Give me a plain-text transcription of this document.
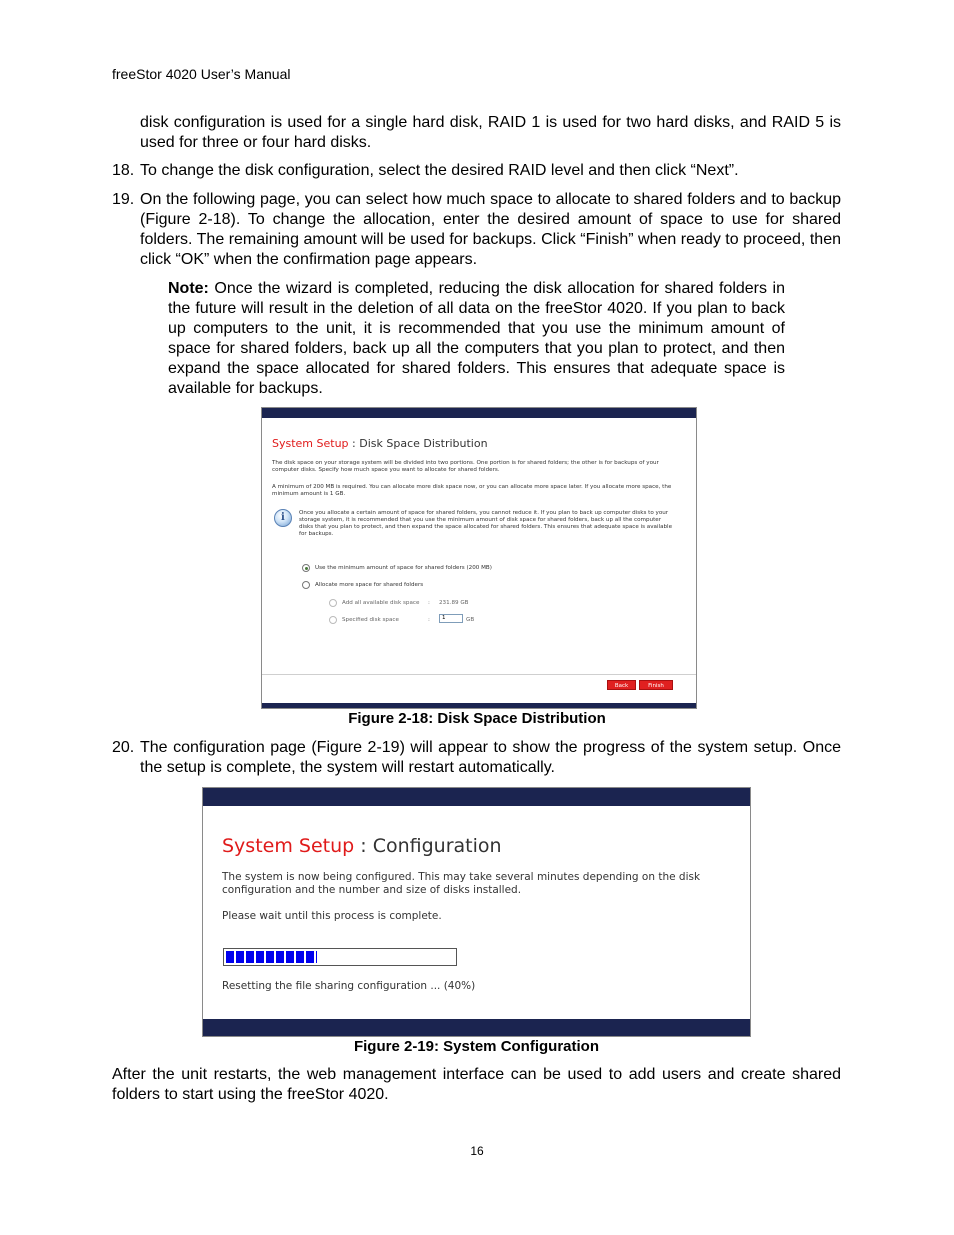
freeStor 4020 User’s Manual
disk configuration is used for a single hard disk, RAID 1 is used for two hard disks, and RAID 5 is used for three or four hard disks.
18. To change the disk configuration, select the desired RAID level and then click “Next”.
19. On the following page, you can select how much space to allocate to shared folders and to backup (Figure 2-18). To change the allocation, enter the desired amount of space to use for shared folders. The remaining amount will be used for backups. Click “Finish” when ready to proceed, then click “OK” when the confirmation page appears.
Note: Once the wizard is completed, reducing the disk allocation for shared folders in the future will result in the deletion of all data on the freeStor 4020. If you plan to back up computers to the unit, it is recommended that you use the minimum amount of space for shared folders, back up all the computers that you plan to protect, and then expand the space allocated for shared folders. This ensures that adequate space is available for backups.
System Setup : Disk Space Distribution
The disk space on your storage system will be divided into two portions. One portion is for shared folders; the other is for backups of your computer disks. Specify how much space you want to allocate for shared folders.
A minimum of 200 MB is required. You can allocate more disk space now, or you can allocate more space later. If you allocate more space, the minimum amount is 1 GB.
i	Once you allocate a certain amount of space for shared folders, you cannot reduce it. If you plan to back up computer disks to your storage system, it is recommended that you use the minimum amount of disk space for shared folders, back up all the computer disks that you plan to protect, and then expand the space allocated for shared folders. This ensures that adequate space is available for backups.
Use the minimum amount of space for shared folders (200 MB)
Allocate more space for shared folders
Add all available disk space : 231.89 GB
Specified disk space	:	1	GB
Back	Finish
Figure 2-18: Disk Space Distribution
20. The configuration page (Figure 2-19) will appear to show the progress of the system setup. Once the setup is complete, the system will restart automatically.
System Setup : Configuration
The system is now being configured. This may take several minutes depending on the disk configuration and the number and size of disks installed.
Please wait until this process is complete.
Resetting the file sharing configuration ... (40%)
Figure 2-19: System Configuration
After the unit restarts, the web management interface can be used to add users and create shared folders to start using the freeStor 4020.
16
